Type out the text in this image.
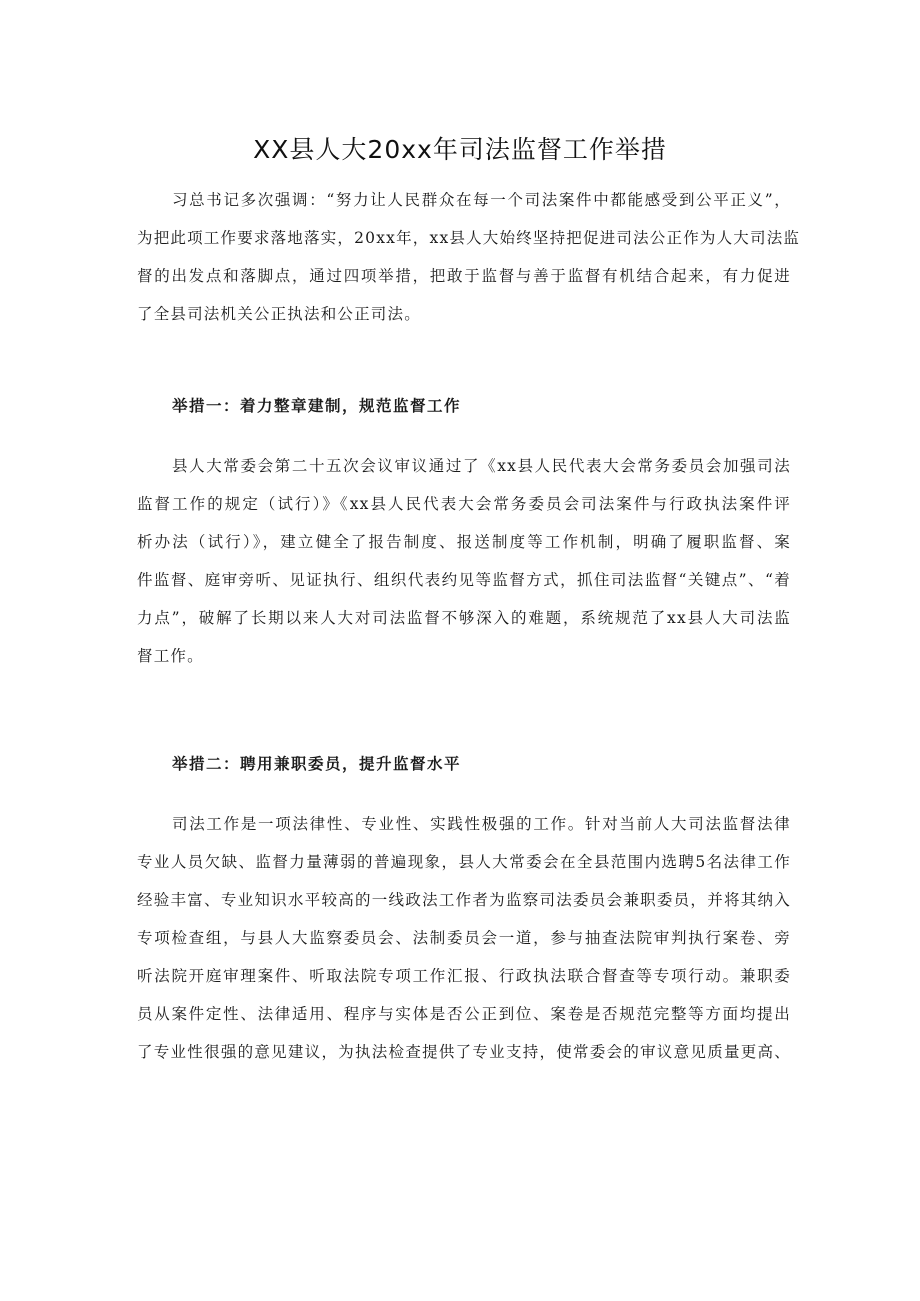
XX县人大20xx年司法监督工作举措
习总书记多次强调：“努力让人民群众在每一个司法案件中都能感受到公平正义”，
为把此项工作要求落地落实，20xx年，xx县人大始终坚持把促进司法公正作为人大司法监
督的出发点和落脚点，通过四项举措，把敢于监督与善于监督有机结合起来，有力促进
了全县司法机关公正执法和公正司法。
举措一：着力整章建制，规范监督工作
县人大常委会第二十五次会议审议通过了《xx县人民代表大会常务委员会加强司法
监督工作的规定（试行）》《xx县人民代表大会常务委员会司法案件与行政执法案件评
析办法（试行）》，建立健全了报告制度、报送制度等工作机制，明确了履职监督、案
件监督、庭审旁听、见证执行、组织代表约见等监督方式，抓住司法监督“关键点”、“着
力点”，破解了长期以来人大对司法监督不够深入的难题，系统规范了xx县人大司法监
督工作。
举措二：聘用兼职委员，提升监督水平
司法工作是一项法律性、专业性、实践性极强的工作。针对当前人大司法监督法律
专业人员欠缺、监督力量薄弱的普遍现象，县人大常委会在全县范围内选聘5名法律工作
经验丰富、专业知识水平较高的一线政法工作者为监察司法委员会兼职委员，并将其纳入
专项检查组，与县人大监察委员会、法制委员会一道，参与抽查法院审判执行案卷、旁
听法院开庭审理案件、听取法院专项工作汇报、行政执法联合督查等专项行动。兼职委
员从案件定性、法律适用、程序与实体是否公正到位、案卷是否规范完整等方面均提出
了专业性很强的意见建议，为执法检查提供了专业支持，使常委会的审议意见质量更高、
